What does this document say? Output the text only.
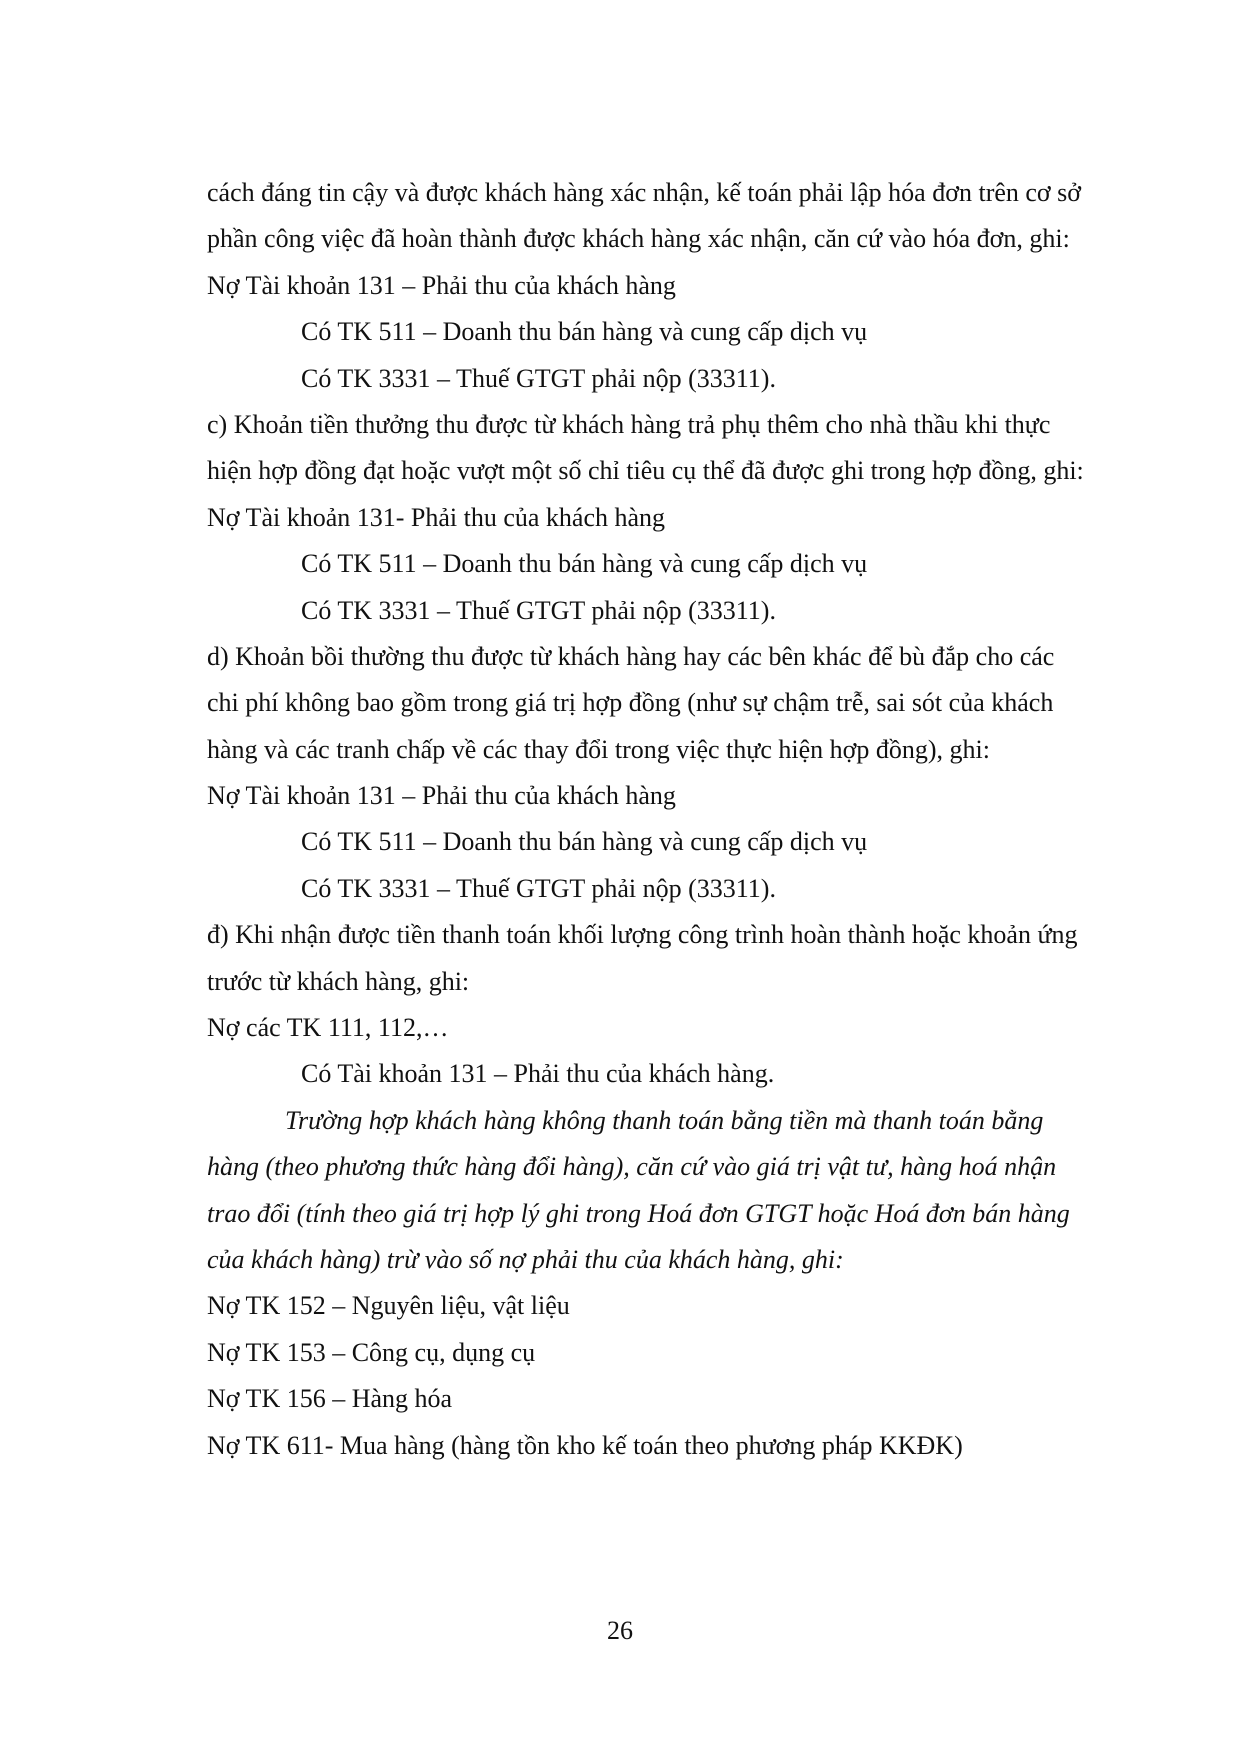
cách đáng tin cậy và được khách hàng xác nhận, kế toán phải lập hóa đơn trên cơ sở
phần công việc đã hoàn thành được khách hàng xác nhận, căn cứ vào hóa đơn, ghi:
Nợ Tài khoản 131 – Phải thu của khách hàng
Có TK 511 – Doanh thu bán hàng và cung cấp dịch vụ
Có TK 3331 – Thuế GTGT phải nộp (33311).
c) Khoản tiền thưởng thu được từ khách hàng trả phụ thêm cho nhà thầu khi thực
hiện hợp đồng đạt hoặc vượt một số chỉ tiêu cụ thể đã được ghi trong hợp đồng, ghi:
Nợ Tài khoản 131- Phải thu của khách hàng
Có TK 511 – Doanh thu bán hàng và cung cấp dịch vụ
Có TK 3331 – Thuế GTGT phải nộp (33311).
d) Khoản bồi thường thu được từ khách hàng hay các bên khác để bù đắp cho các
chi phí không bao gồm trong giá trị hợp đồng (như sự chậm trễ, sai sót của khách
hàng và các tranh chấp về các thay đổi trong việc thực hiện hợp đồng), ghi:
Nợ Tài khoản 131 – Phải thu của khách hàng
Có TK 511 – Doanh thu bán hàng và cung cấp dịch vụ
Có TK 3331 – Thuế GTGT phải nộp (33311).
đ) Khi nhận được tiền thanh toán khối lượng công trình hoàn thành hoặc khoản ứng
trước từ khách hàng, ghi:
Nợ các TK 111, 112,…
Có Tài khoản 131 – Phải thu của khách hàng.
Trường hợp khách hàng không thanh toán bằng tiền mà thanh toán bằng
hàng (theo phương thức hàng đổi hàng), căn cứ vào giá trị vật tư, hàng hoá nhận
trao đổi (tính theo giá trị hợp lý ghi trong Hoá đơn GTGT hoặc Hoá đơn bán hàng
của khách hàng) trừ vào số nợ phải thu của khách hàng, ghi:
Nợ TK 152 – Nguyên liệu, vật liệu
Nợ TK 153 – Công cụ, dụng cụ
Nợ TK 156 – Hàng hóa
Nợ TK 611- Mua hàng (hàng tồn kho kế toán theo phương pháp KKĐK)
26
